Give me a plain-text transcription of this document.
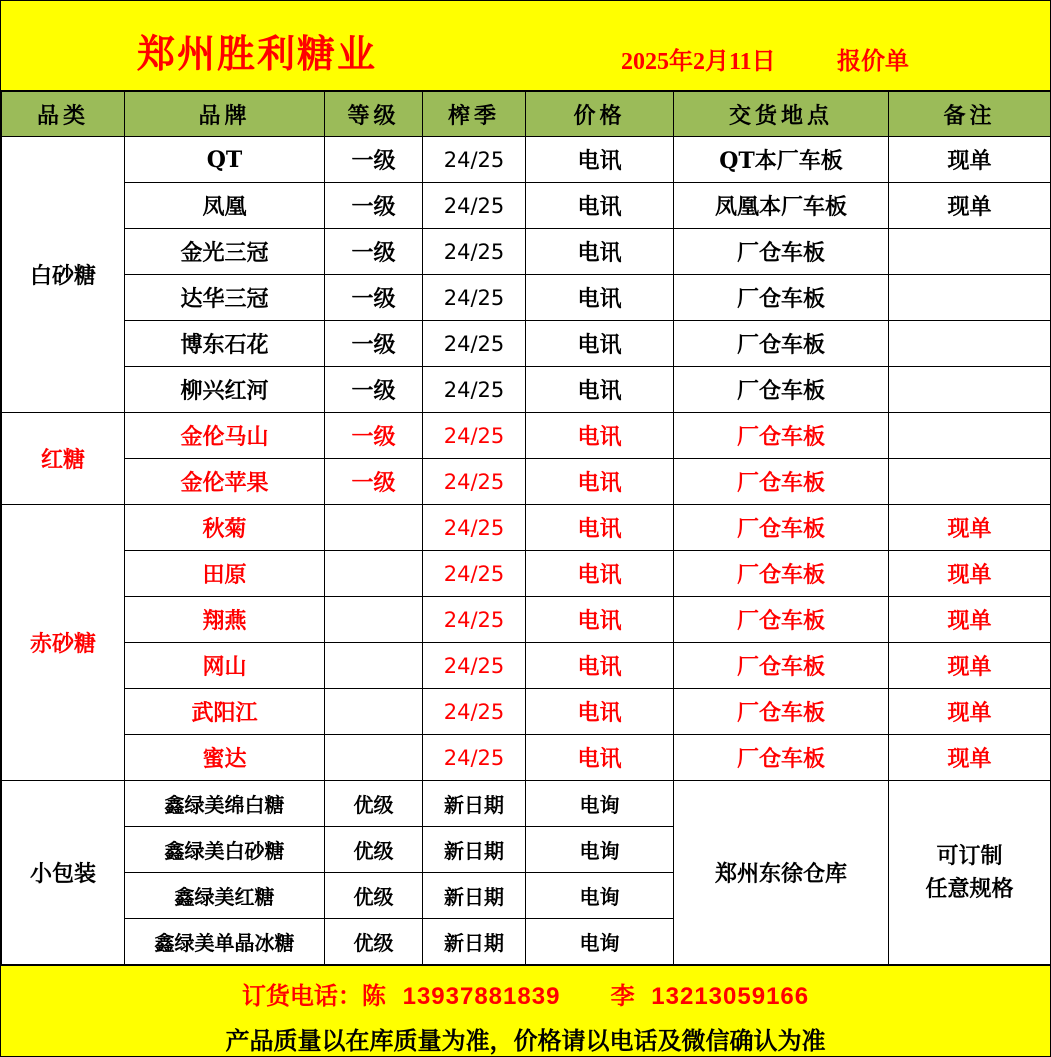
郑州胜利糖业	2025年2月11日	报价单
品类	品牌	等级	榨季	价格	交货地点	备注
白砂糖	QT	一级	24/25	电讯	QT本厂车板	现单
	凤凰	一级	24/25	电讯	凤凰本厂车板	现单
	金光三冠	一级	24/25	电讯	厂仓车板	
	达华三冠	一级	24/25	电讯	厂仓车板	
	博东石花	一级	24/25	电讯	厂仓车板	
	柳兴红河	一级	24/25	电讯	厂仓车板	
红糖	金伦马山	一级	24/25	电讯	厂仓车板	
	金伦苹果	一级	24/25	电讯	厂仓车板	
赤砂糖	秋菊		24/25	电讯	厂仓车板	现单
	田原		24/25	电讯	厂仓车板	现单
	翔燕		24/25	电讯	厂仓车板	现单
	网山		24/25	电讯	厂仓车板	现单
	武阳江		24/25	电讯	厂仓车板	现单
	蜜达		24/25	电讯	厂仓车板	现单
小包装	鑫绿美绵白糖	优级	新日期	电询	郑州东徐仓库	可订制
任意规格

	鑫绿美白砂糖	优级	新日期	电询		
	鑫绿美红糖	优级	新日期	电询		
	鑫绿美单晶冰糖	优级	新日期	电询		
订货电话：陈 13937881839 李 13213059166
产品质量以在库质量为准，价格请以电话及微信确认为准
